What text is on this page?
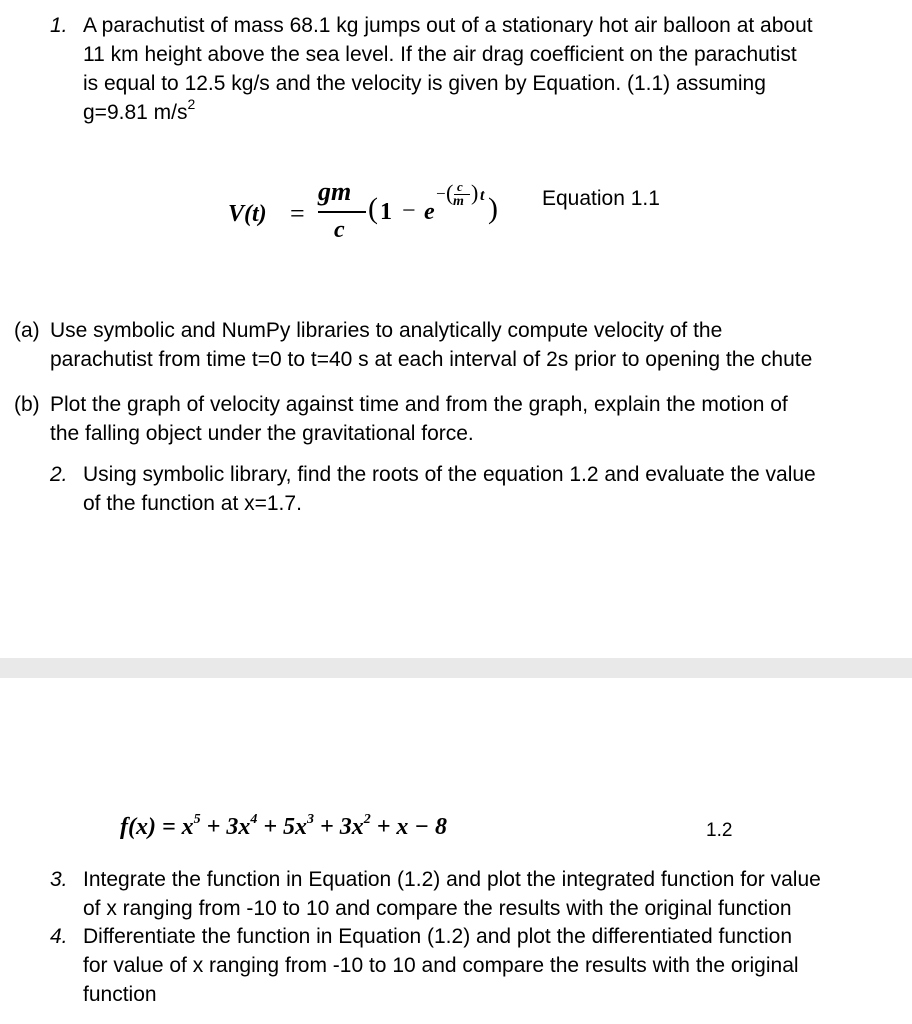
1. A parachutist of mass 68.1 kg jumps out of a stationary hot air balloon at about
11 km height above the sea level. If the air drag coefficient on the parachutist
is equal to 12.5 kg/s and the velocity is given by Equation. (1.1) assuming
g=9.81 $m/s^2$
V(t) =
gm
c
( 1 − e
− ( c
m ) t ) Equation 1.1
(a) Use symbolic and NumPy libraries to analytically compute velocity of the
parachutist from time t=0 to t=40 s at each interval of 2s prior to opening the chute
(b) Plot the graph of velocity against time and from the graph, explain the motion of
the falling object under the gravitational force.
2. Using symbolic library, find the roots of the equation 1.2 and evaluate the value
of the function at x=1.7.
$f(x) = x^5 + 3x^4 + 5x^3 + 3x^2 + x - 8$	1.2
3. Integrate the function in Equation (1.2) and plot the integrated function for value
of x ranging from -10 to 10 and compare the results with the original function
4. Differentiate the function in Equation (1.2) and plot the differentiated function
for value of x ranging from -10 to 10 and compare the results with the original
function
